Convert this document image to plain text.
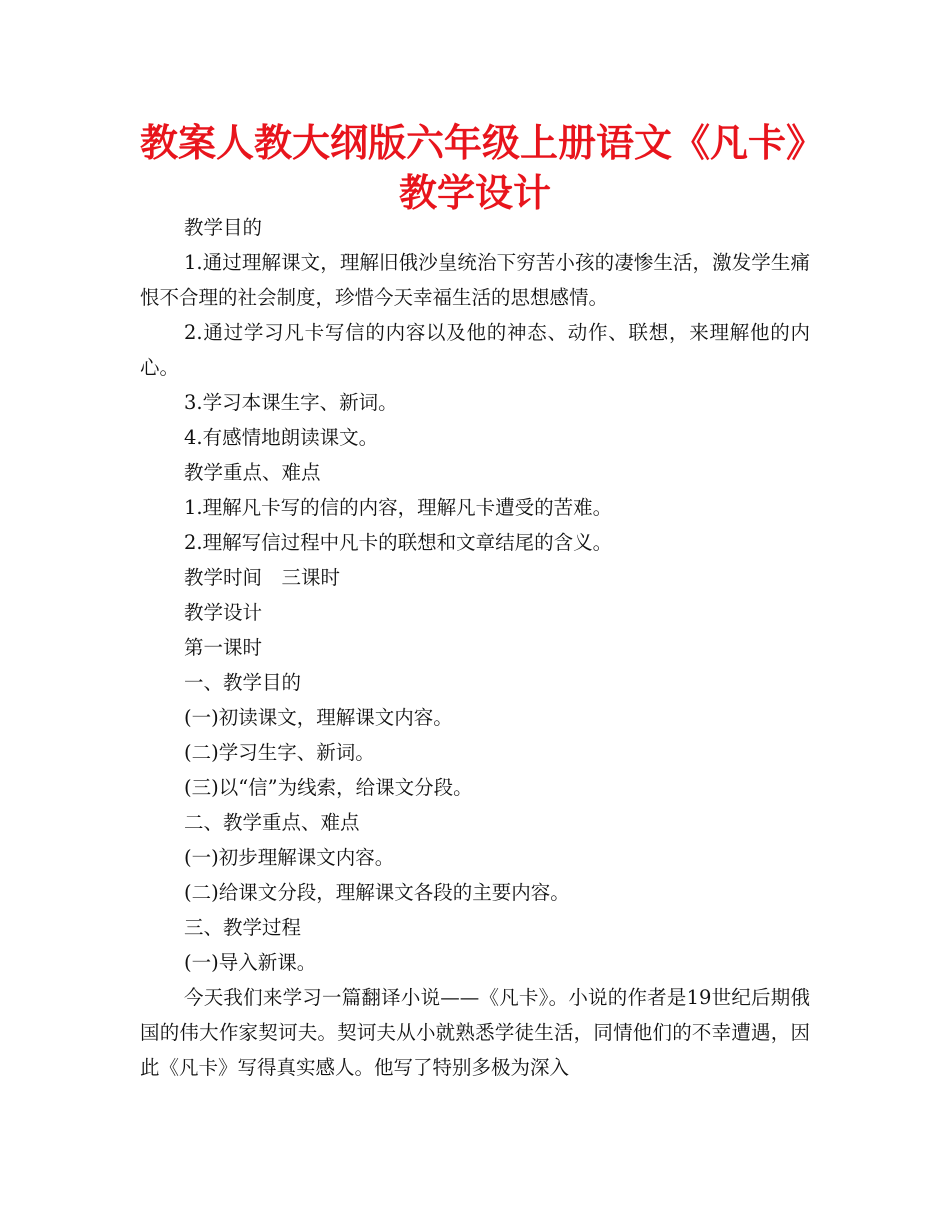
教案人教大纲版六年级上册语文《凡卡》
教学设计

教学目的

1.通过理解课文，理解旧俄沙皇统治下穷苦小孩的凄惨生活，激发学生痛恨不合理的社会制度，珍惜今天幸福生活的思想感情。

2.通过学习凡卡写信的内容以及他的神态、动作、联想，来理解他的内心。

3.学习本课生字、新词。

4.有感情地朗读课文。

教学重点、难点

1.理解凡卡写的信的内容，理解凡卡遭受的苦难。

2.理解写信过程中凡卡的联想和文章结尾的含义。

教学时间　三课时

教学设计

第一课时

一、教学目的

(一)初读课文，理解课文内容。

(二)学习生字、新词。

(三)以“信”为线索，给课文分段。

二、教学重点、难点

(一)初步理解课文内容。

(二)给课文分段，理解课文各段的主要内容。

三、教学过程

(一)导入新课。

今天我们来学习一篇翻译小说——《凡卡》。小说的作者是19世纪后期俄国的伟大作家契诃夫。契诃夫从小就熟悉学徒生活，同情他们的不幸遭遇，因此《凡卡》写得真实感人。他写了特别多极为深入
